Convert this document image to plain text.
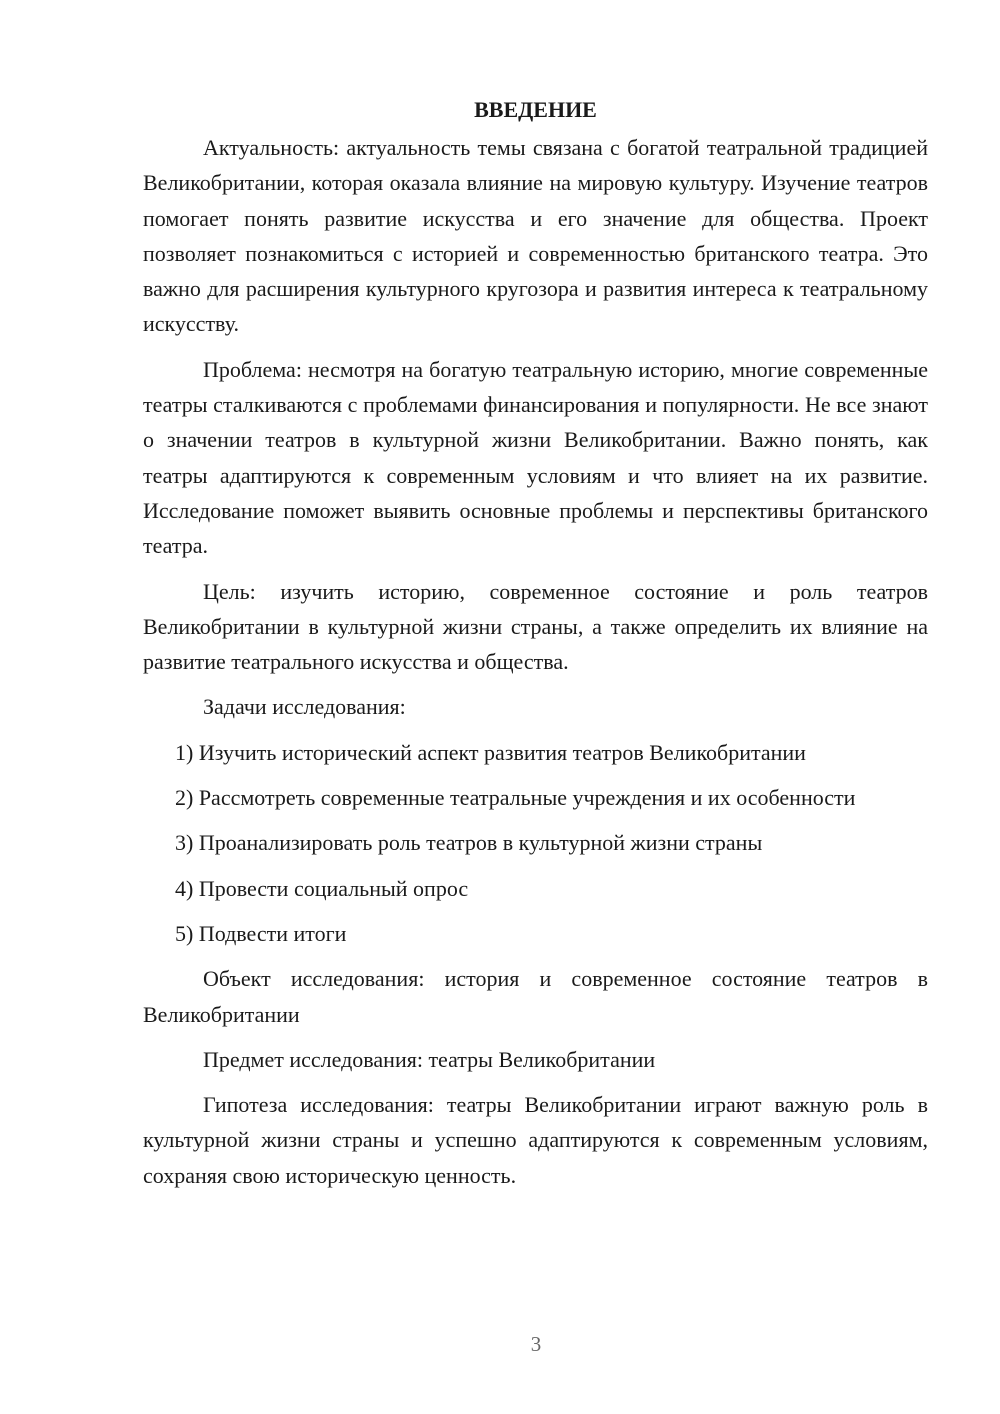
ВВЕДЕНИЕ

Актуальность: актуальность темы связана с богатой театральной традицией Великобритании, которая оказала влияние на мировую культуру. Изучение театров помогает понять развитие искусства и его значение для общества. Проект позволяет познакомиться с историей и современностью британского театра. Это важно для расширения культурного кругозора и развития интереса к театральному искусству.

Проблема: несмотря на богатую театральную историю, многие современные театры сталкиваются с проблемами финансирования и популярности. Не все знают о значении театров в культурной жизни Великобритании. Важно понять, как театры адаптируются к современным условиям и что влияет на их развитие. Исследование поможет выявить основные проблемы и перспективы британского театра.

Цель: изучить историю, современное состояние и роль театров Великобритании в культурной жизни страны, а также определить их влияние на развитие театрального искусства и общества.

Задачи исследования:

1) Изучить исторический аспект развития театров Великобритании

2) Рассмотреть современные театральные учреждения и их особенности

3) Проанализировать роль театров в культурной жизни страны

4) Провести социальный опрос

5) Подвести итоги

Объект исследования: история и современное состояние театров в Великобритании

Предмет исследования: театры Великобритании

Гипотеза исследования: театры Великобритании играют важную роль в культурной жизни страны и успешно адаптируются к современным условиям, сохраняя свою историческую ценность.

3
